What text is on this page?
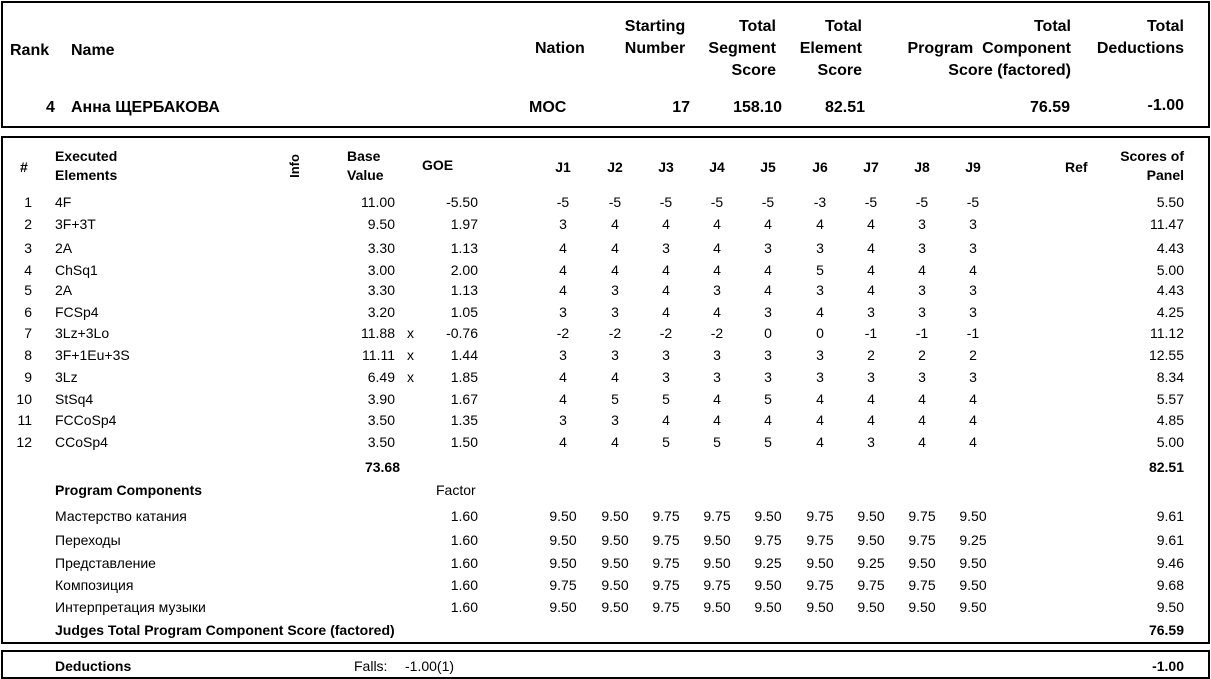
Rank Name	Nation
Starting
Number
Total
Segment
Score
Total
Element
Score
Total
Program  Component
Score (factored)
Total
Deductions
4 Анна ЩЕРБАКОВА	MOC	17	158.10	82.51	76.59	-1.00
#
Executed
Elements	Info	Base
Value
GOE	J1	J2	J3	J4	J5	J6	J7	J8	J9	Ref
Scores of
Panel
1 4F	11.00	-5.50	-5	-5	-5	-5	-5	-3	-5	-5	-5	5.50
2 3F+3T	9.50	1.97	3	4	4	4	4	4	4	3	3	11.47
3 2A	3.30	1.13	4	4	3	4	3	3	4	3	3	4.43
4 ChSq1	3.00	2.00	4	4	4	4	4	5	4	4	4	5.00
5 2A	3.30	1.13	4	3	4	3	4	3	4	3	3	4.43
6 FCSp4	3.20	1.05	3	3	4	4	3	4	3	3	3	4.25
7 3Lz+3Lo	11.88 x	-0.76	-2	-2	-2	-2	0	0	-1	-1	-1	11.12
8 3F+1Eu+3S	11.11 x	1.44	3	3	3	3	3	3	2	2	2	12.55
9 3Lz	6.49 x	1.85	4	4	3	3	3	3	3	3	3	8.34
10 StSq4	3.90	1.67	4	5	5	4	5	4	4	4	4	5.57
11 FCCoSp4	3.50	1.35	3	3	4	4	4	4	4	4	4	4.85
12 CCoSp4	3.50	1.50	4	4	5	5	5	4	3	4	4	5.00
73.68	82.51
Program Components	Factor
Мастерство катания	1.60	9.50	9.50	9.75	9.75	9.50	9.75	9.50	9.75	9.50	9.61
Переходы	1.60	9.50	9.50	9.75	9.50	9.75	9.75	9.50	9.75	9.25	9.61
Представление	1.60	9.50	9.50	9.75	9.50	9.25	9.50	9.25	9.50	9.50	9.46
Композиция	1.60	9.75	9.50	9.75	9.75	9.50	9.75	9.75	9.75	9.50	9.68
Интерпретация музыки	1.60	9.50	9.50	9.75	9.50	9.50	9.50	9.50	9.50	9.50	9.50
Judges Total Program Component Score (factored)	76.59
Deductions	Falls: -1.00(1)	-1.00
